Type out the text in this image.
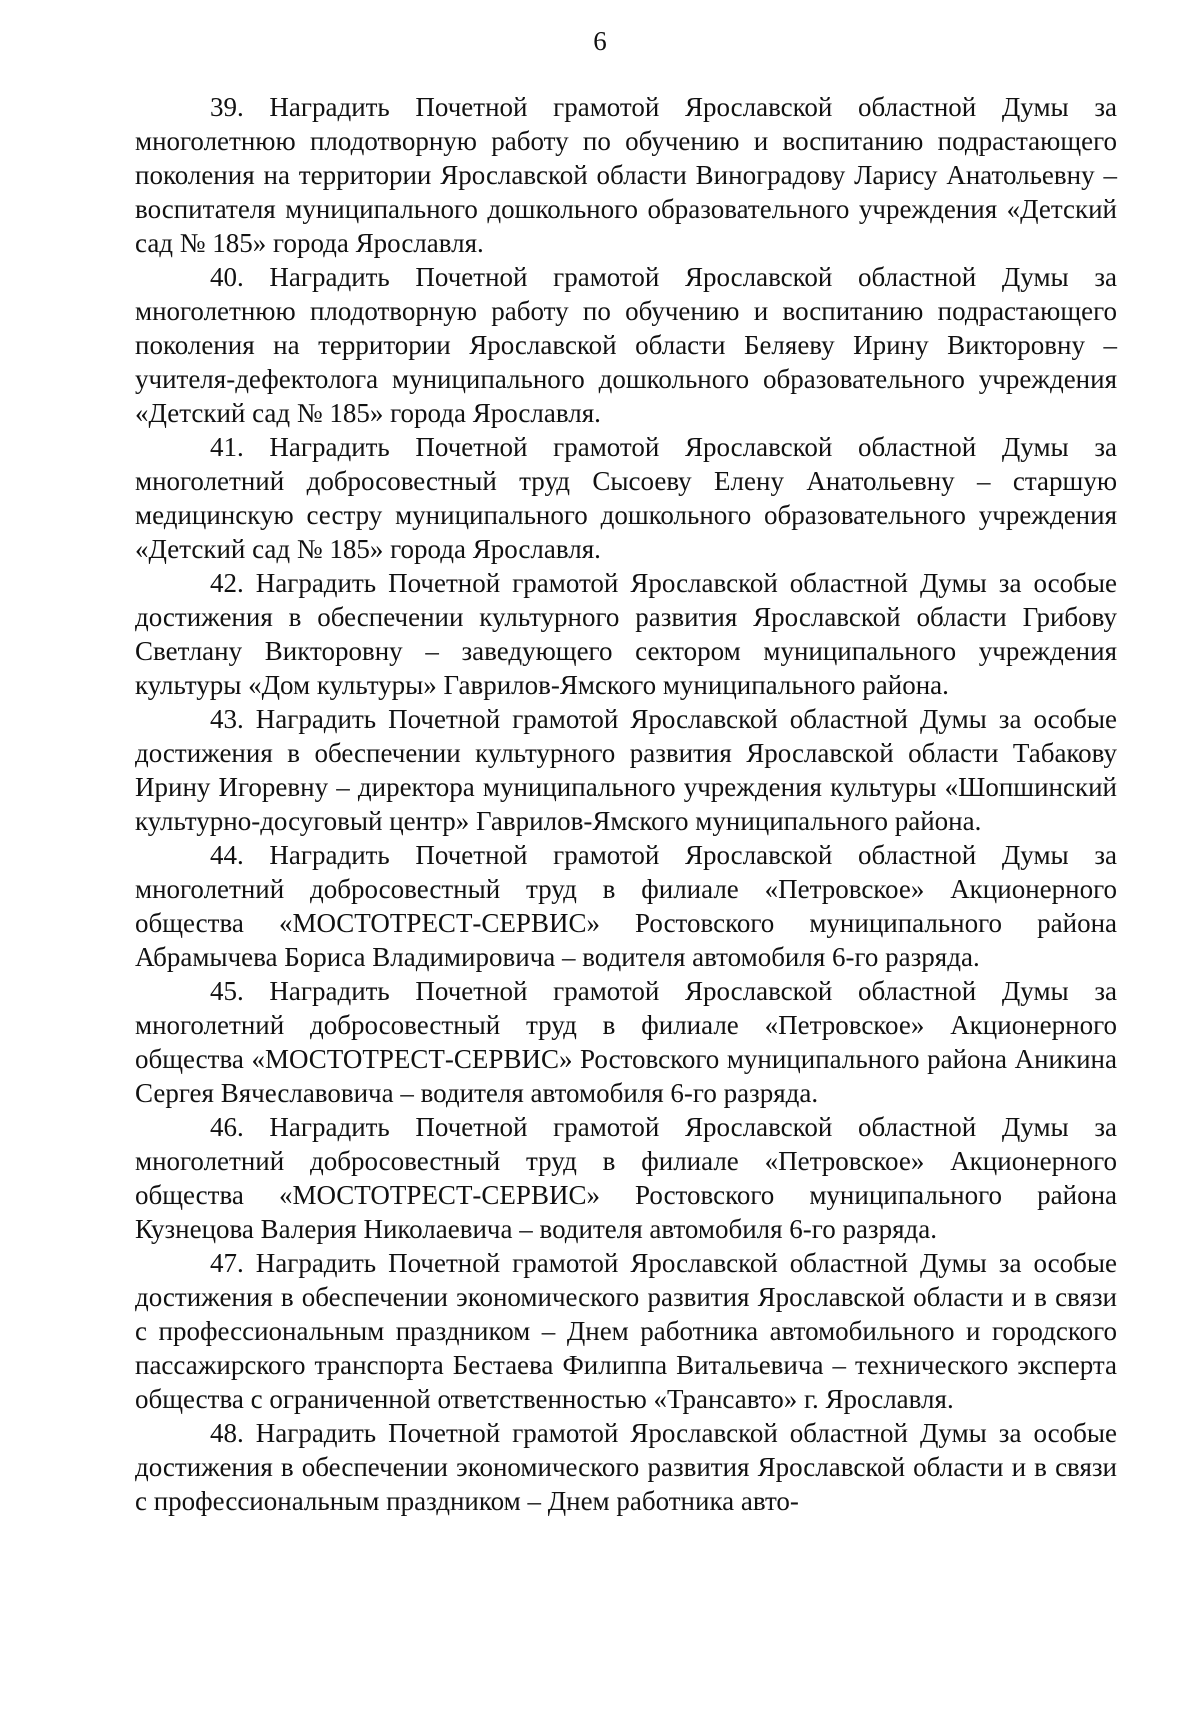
6

39. Наградить Почетной грамотой Ярославской областной Думы за многолетнюю плодотворную работу по обучению и воспитанию подрастающего поколения на территории Ярославской области Виноградову Ларису Анатольевну – воспитателя муниципального дошкольного образовательного учреждения «Детский сад № 185» города Ярославля.

40. Наградить Почетной грамотой Ярославской областной Думы за многолетнюю плодотворную работу по обучению и воспитанию подрастающего поколения на территории Ярославской области Беляеву Ирину Викторовну – учителя-дефектолога муниципального дошкольного образовательного учреждения «Детский сад № 185» города Ярославля.

41. Наградить Почетной грамотой Ярославской областной Думы за многолетний добросовестный труд Сысоеву Елену Анатольевну – старшую медицинскую сестру муниципального дошкольного образовательного учреждения «Детский сад № 185» города Ярославля.

42. Наградить Почетной грамотой Ярославской областной Думы за особые достижения в обеспечении культурного развития Ярославской области Грибову Светлану Викторовну – заведующего сектором муниципального учреждения культуры «Дом культуры» Гаврилов-Ямского муниципального района.

43. Наградить Почетной грамотой Ярославской областной Думы за особые достижения в обеспечении культурного развития Ярославской области Табакову Ирину Игоревну – директора муниципального учреждения культуры «Шопшинский культурно-досуговый центр» Гаврилов-Ямского муниципального района.

44. Наградить Почетной грамотой Ярославской областной Думы за многолетний добросовестный труд в филиале «Петровское» Акционерного общества «МОСТОТРЕСТ-СЕРВИС» Ростовского муниципального района Абрамычева Бориса Владимировича – водителя автомобиля 6-го разряда.

45. Наградить Почетной грамотой Ярославской областной Думы за многолетний добросовестный труд в филиале «Петровское» Акционерного общества «МОСТОТРЕСТ-СЕРВИС» Ростовского муниципального района Аникина Сергея Вячеславовича – водителя автомобиля 6-го разряда.

46. Наградить Почетной грамотой Ярославской областной Думы за многолетний добросовестный труд в филиале «Петровское» Акционерного общества «МОСТОТРЕСТ-СЕРВИС» Ростовского муниципального района Кузнецова Валерия Николаевича – водителя автомобиля 6-го разряда.

47. Наградить Почетной грамотой Ярославской областной Думы за особые достижения в обеспечении экономического развития Ярославской области и в связи с профессиональным праздником – Днем работника автомобильного и городского пассажирского транспорта Бестаева Филиппа Витальевича – технического эксперта общества с ограниченной ответственностью «Трансавто» г. Ярославля.

48. Наградить Почетной грамотой Ярославской областной Думы за особые достижения в обеспечении экономического развития Ярославской области и в связи с профессиональным праздником – Днем работника авто-
